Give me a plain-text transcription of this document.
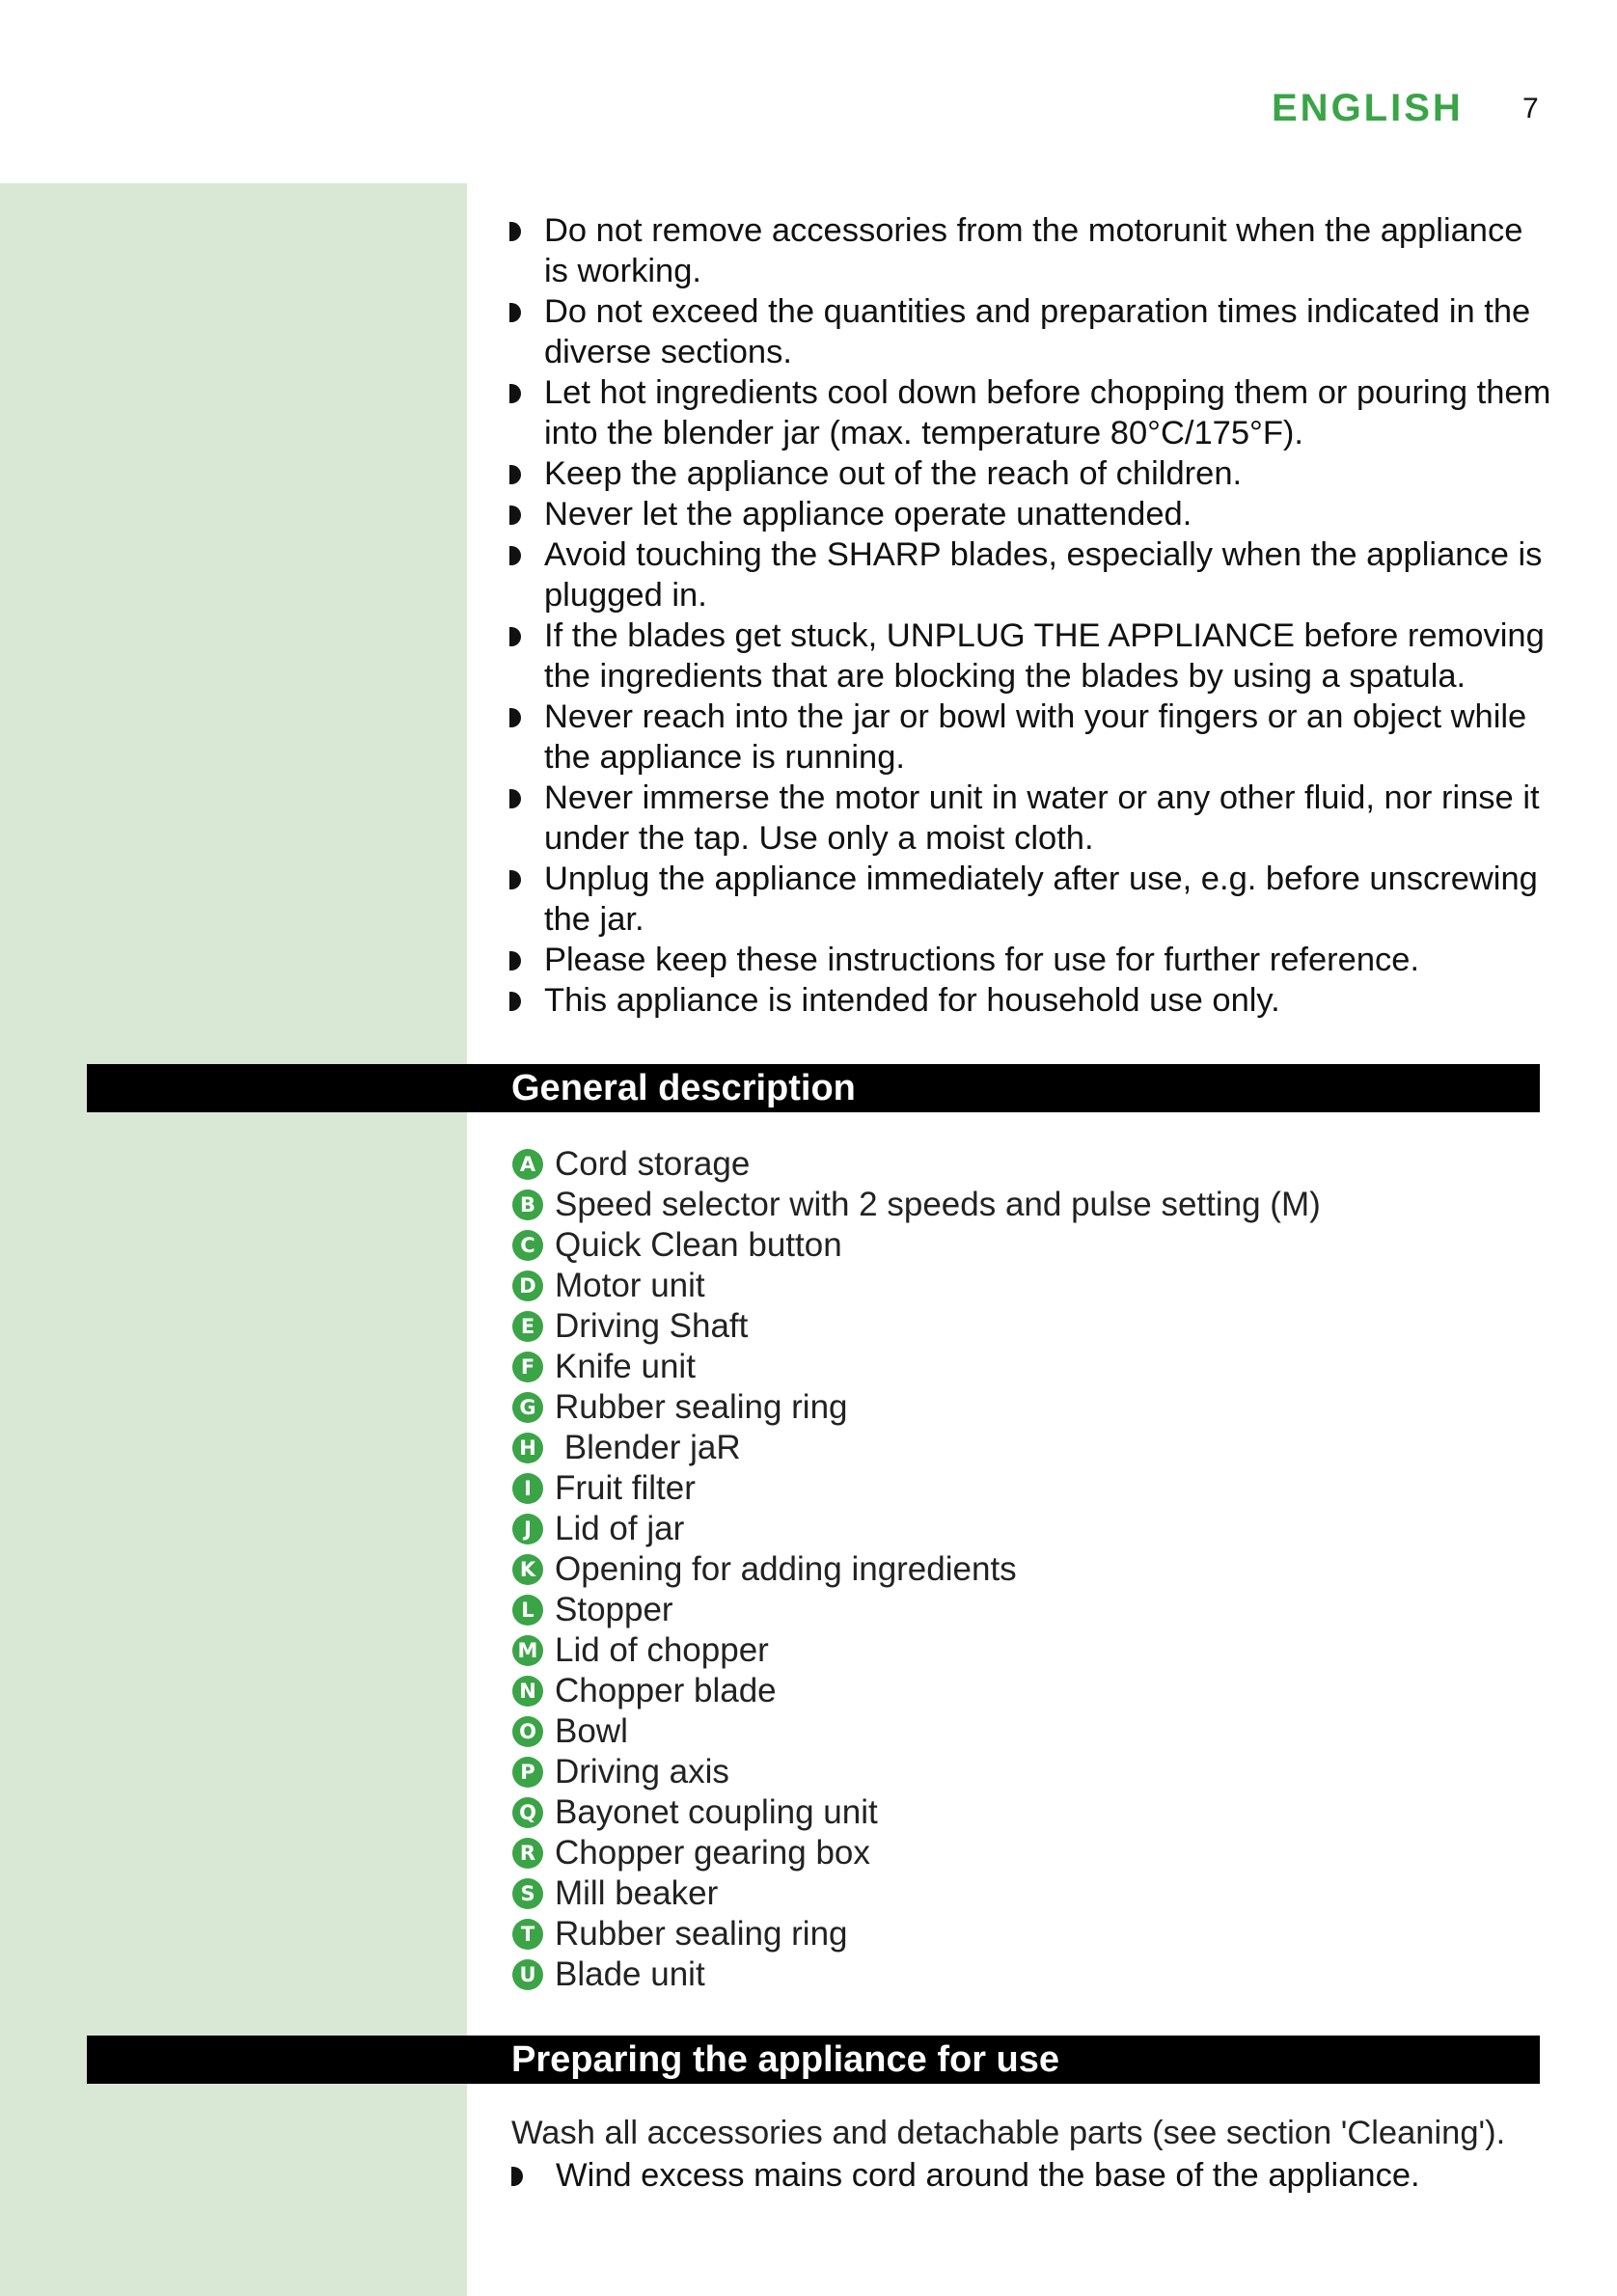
ENGLISH 7
Do not remove accessories from the motorunit when the appliance is working.
Do not exceed the quantities and preparation times indicated in the diverse sections.
Let hot ingredients cool down before chopping them or pouring them into the blender jar (max. temperature 80°C/175°F).
Keep the appliance out of the reach of children.
Never let the appliance operate unattended.
Avoid touching the SHARP blades, especially when the appliance is plugged in.
If the blades get stuck, UNPLUG THE APPLIANCE before removing the ingredients that are blocking the blades by using a spatula.
Never reach into the jar or bowl with your fingers or an object while the appliance is running.
Never immerse the motor unit in water or any other fluid, nor rinse it under the tap. Use only a moist cloth.
Unplug the appliance immediately after use, e.g. before unscrewing the jar.
Please keep these instructions for use for further reference.
This appliance is intended for household use only.
General description
A Cord storage
B Speed selector with 2 speeds and pulse setting (M)
C Quick Clean button
D Motor unit
E Driving Shaft
F Knife unit
G Rubber sealing ring
H Blender jaR
I Fruit filter
J Lid of jar
K Opening for adding ingredients
L Stopper
M Lid of chopper
N Chopper blade
O Bowl
P Driving axis
Q Bayonet coupling unit
R Chopper gearing box
S Mill beaker
T Rubber sealing ring
U Blade unit
Preparing the appliance for use
Wash all accessories and detachable parts (see section 'Cleaning').
Wind excess mains cord around the base of the appliance.
